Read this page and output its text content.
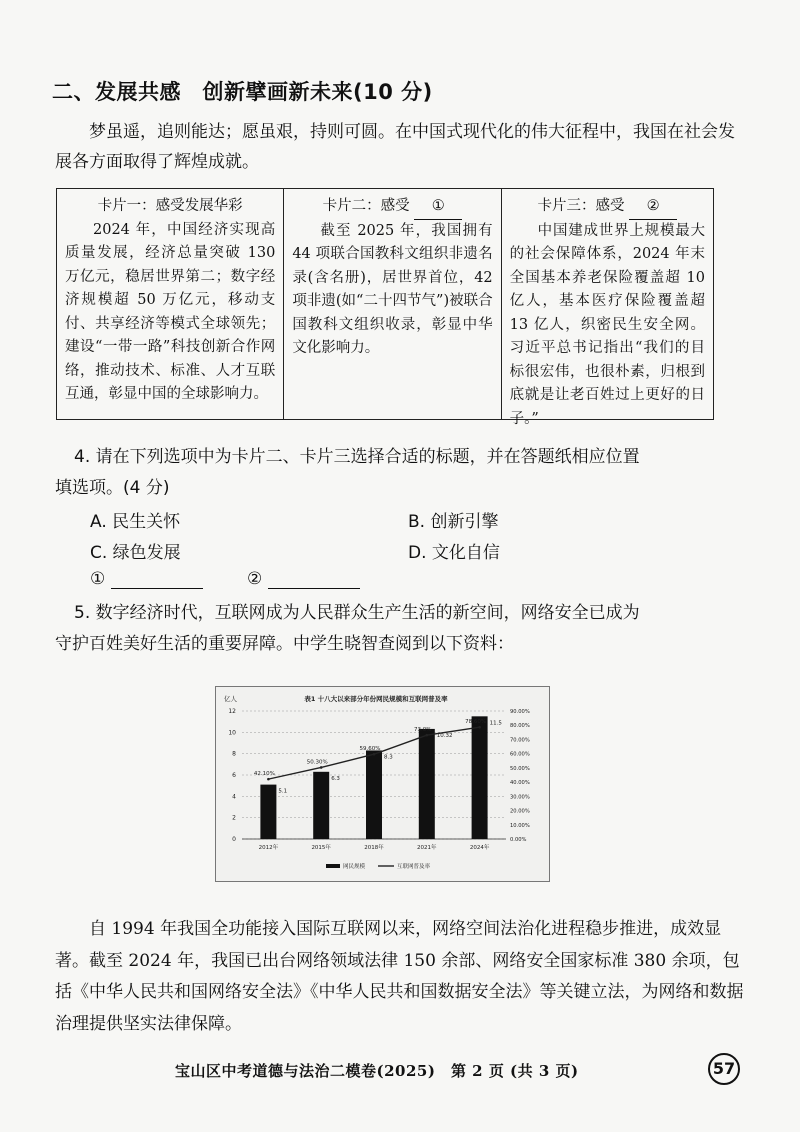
二、发展共感　创新擘画新未来(10 分)
梦虽遥，追则能达；愿虽艰，持则可圆。在中国式现代化的伟大征程中，我国在社会发展各方面取得了辉煌成就。
卡片一：感受发展华彩
2024 年，中国经济实现高质量发展，经济总量突破 130 万亿元，稳居世界第二；数字经济规模超 50 万亿元，移动支付、共享经济等模式全球领先；建设“一带一路”科技创新合作网络，推动技术、标准、人才互联互通，彰显中国的全球影响力。
卡片二：感受 ①
截至 2025 年，我国拥有 44 项联合国教科文组织非遗名录(含名册)，居世界首位，42 项非遗(如“二十四节气”)被联合国教科文组织收录，彰显中华文化影响力。
卡片三：感受 ②
中国建成世界上规模最大的社会保障体系，2024 年末全国基本养老保险覆盖超 10 亿人，基本医疗保险覆盖超 13 亿人，织密民生安全网。习近平总书记指出“我们的目标很宏伟，也很朴素，归根到底就是让老百姓过上更好的日子。”
4. 请在下列选项中为卡片二、卡片三选择合适的标题，并在答题纸相应位置
填选项。(4 分)
A. 民生关怀	B. 创新引擎
C. 绿色发展	D. 文化自信
①	②
5. 数字经济时代，互联网成为人民群众生产生活的新空间，网络安全已成为
守护百姓美好生活的重要屏障。中学生晓智查阅到以下资料：
表1 十八大以来部分年份网民规模和互联网普及率
亿人
0
2
4
6
8
10
12
0.00%
10.00%
20.00%
30.00%
40.00%
50.00%
60.00%
70.00%
80.00%
90.00%
5.1
2012年
6.3
2015年
8.3
2018年
10.32
2021年
11.5
2024年
42.10%
50.30%
59.60%
73.0%
78.60%
网民规模	互联网普及率
自 1994 年我国全功能接入国际互联网以来，网络空间法治化进程稳步推进，成效显著。截至 2024 年，我国已出台网络领域法律 150 余部、网络安全国家标准 380 余项，包括《中华人民共和国网络安全法》《中华人民共和国数据安全法》等关键立法，为网络和数据治理提供坚实法律保障。
宝山区中考道德与法治二模卷(2025)　第 2 页 (共 3 页)	57
